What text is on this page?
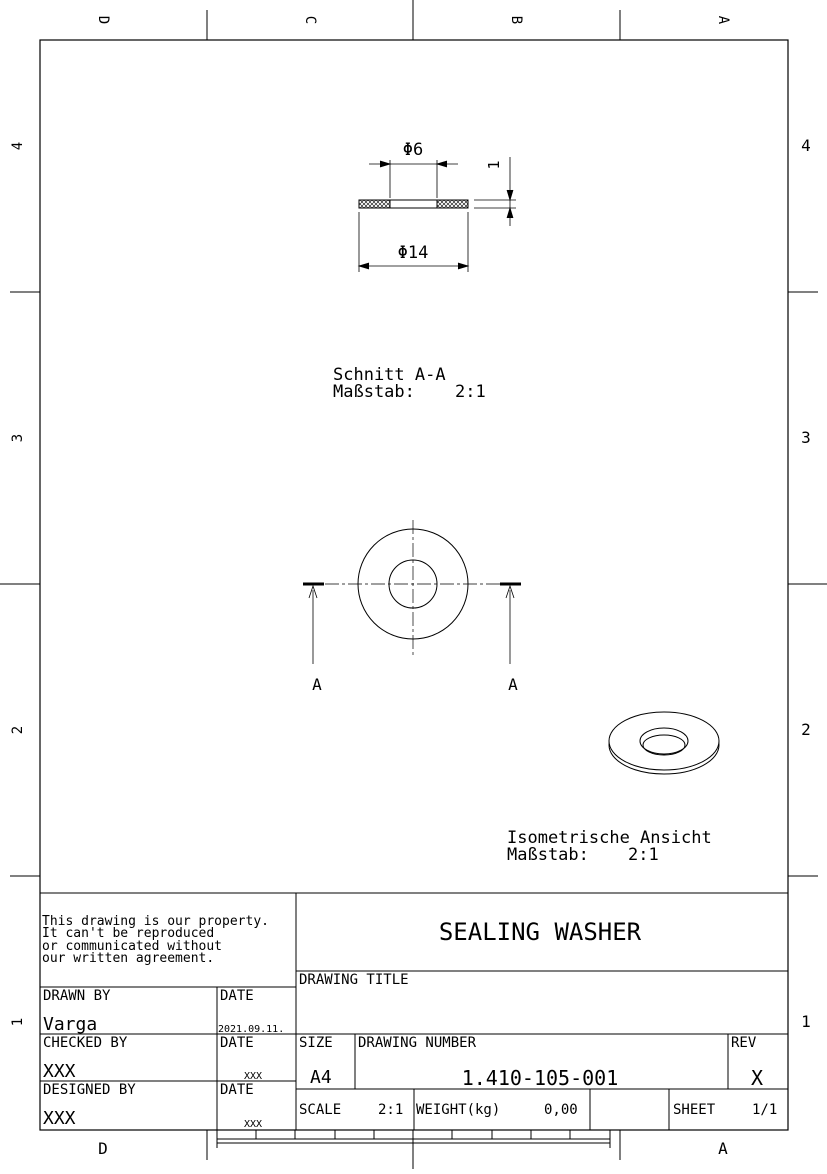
D	C	B	A
4
3
2
1
4
3
2
1
D	A
Φ6
Φ14
1
Schnitt A-A
Maßstab: 2:1
A	A
Isometrische Ansicht
Maßstab: 2:1
This drawing is our property.
It can't be reproduced
or communicated without
our written agreement.
SEALING WASHER
DRAWING TITLE
DRAWN BY
Varga
DATE
2021.09.11.
CHECKED BY
XXX
DATE
XXX
DESIGNED BY
XXX
DATE
XXX
SIZE
A4
DRAWING NUMBER
1.410-105-001
REV
X
SCALE	2:1 WEIGHT(kg)	0,00	SHEET	1/1
